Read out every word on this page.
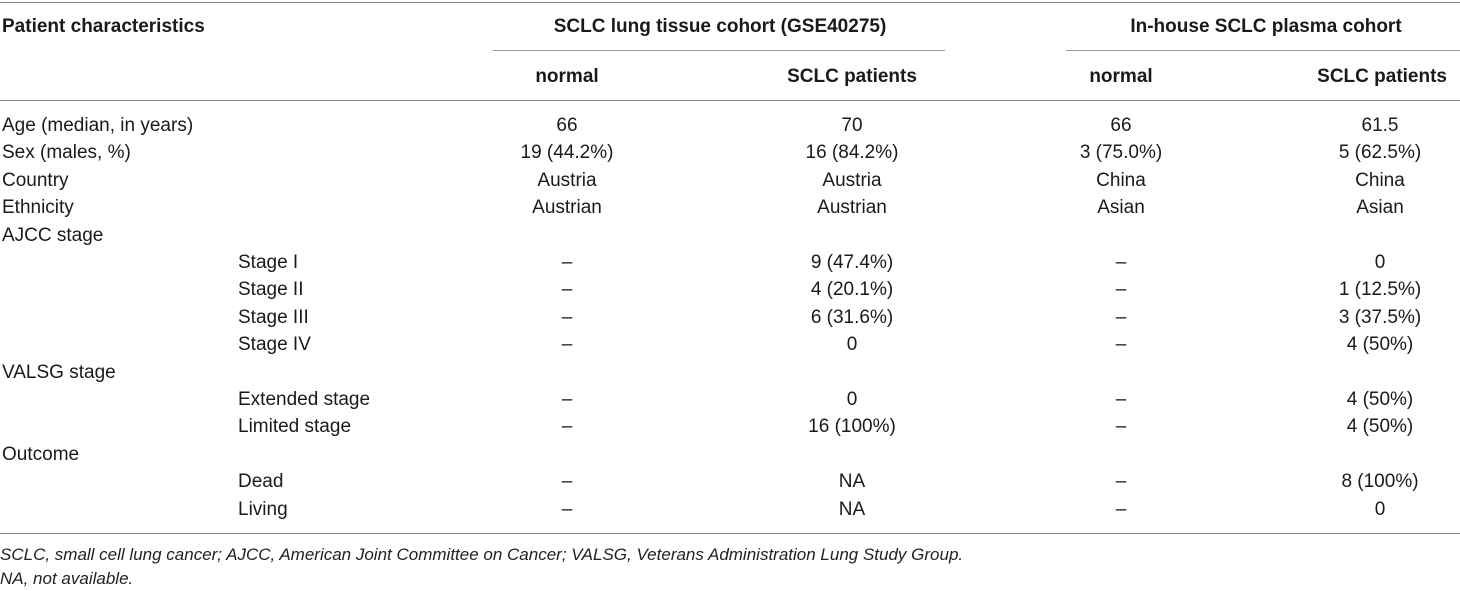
Patient characteristics	SCLC lung tissue cohort (GSE40275)	In-house SCLC plasma cohort
normal	SCLC patients	normal	SCLC patients
Age (median, in years)	66	70	66	61.5
Sex (males, %)	19 (44.2%)	16 (84.2%)	3 (75.0%)	5 (62.5%)
Country	Austria	Austria	China	China
Ethnicity	Austrian	Austrian	Asian	Asian
AJCC stage
Stage I	–	9 (47.4%)	–	0
Stage II	–	4 (20.1%)	–	1 (12.5%)
Stage III	–	6 (31.6%)	–	3 (37.5%)
Stage IV	–	0	–	4 (50%)
VALSG stage
Extended stage	–	0	–	4 (50%)
Limited stage	–	16 (100%)	–	4 (50%)
Outcome
Dead	–	NA	–	8 (100%)
Living	–	NA	–	0
SCLC, small cell lung cancer; AJCC, American Joint Committee on Cancer; VALSG, Veterans Administration Lung Study Group.
NA, not available.
